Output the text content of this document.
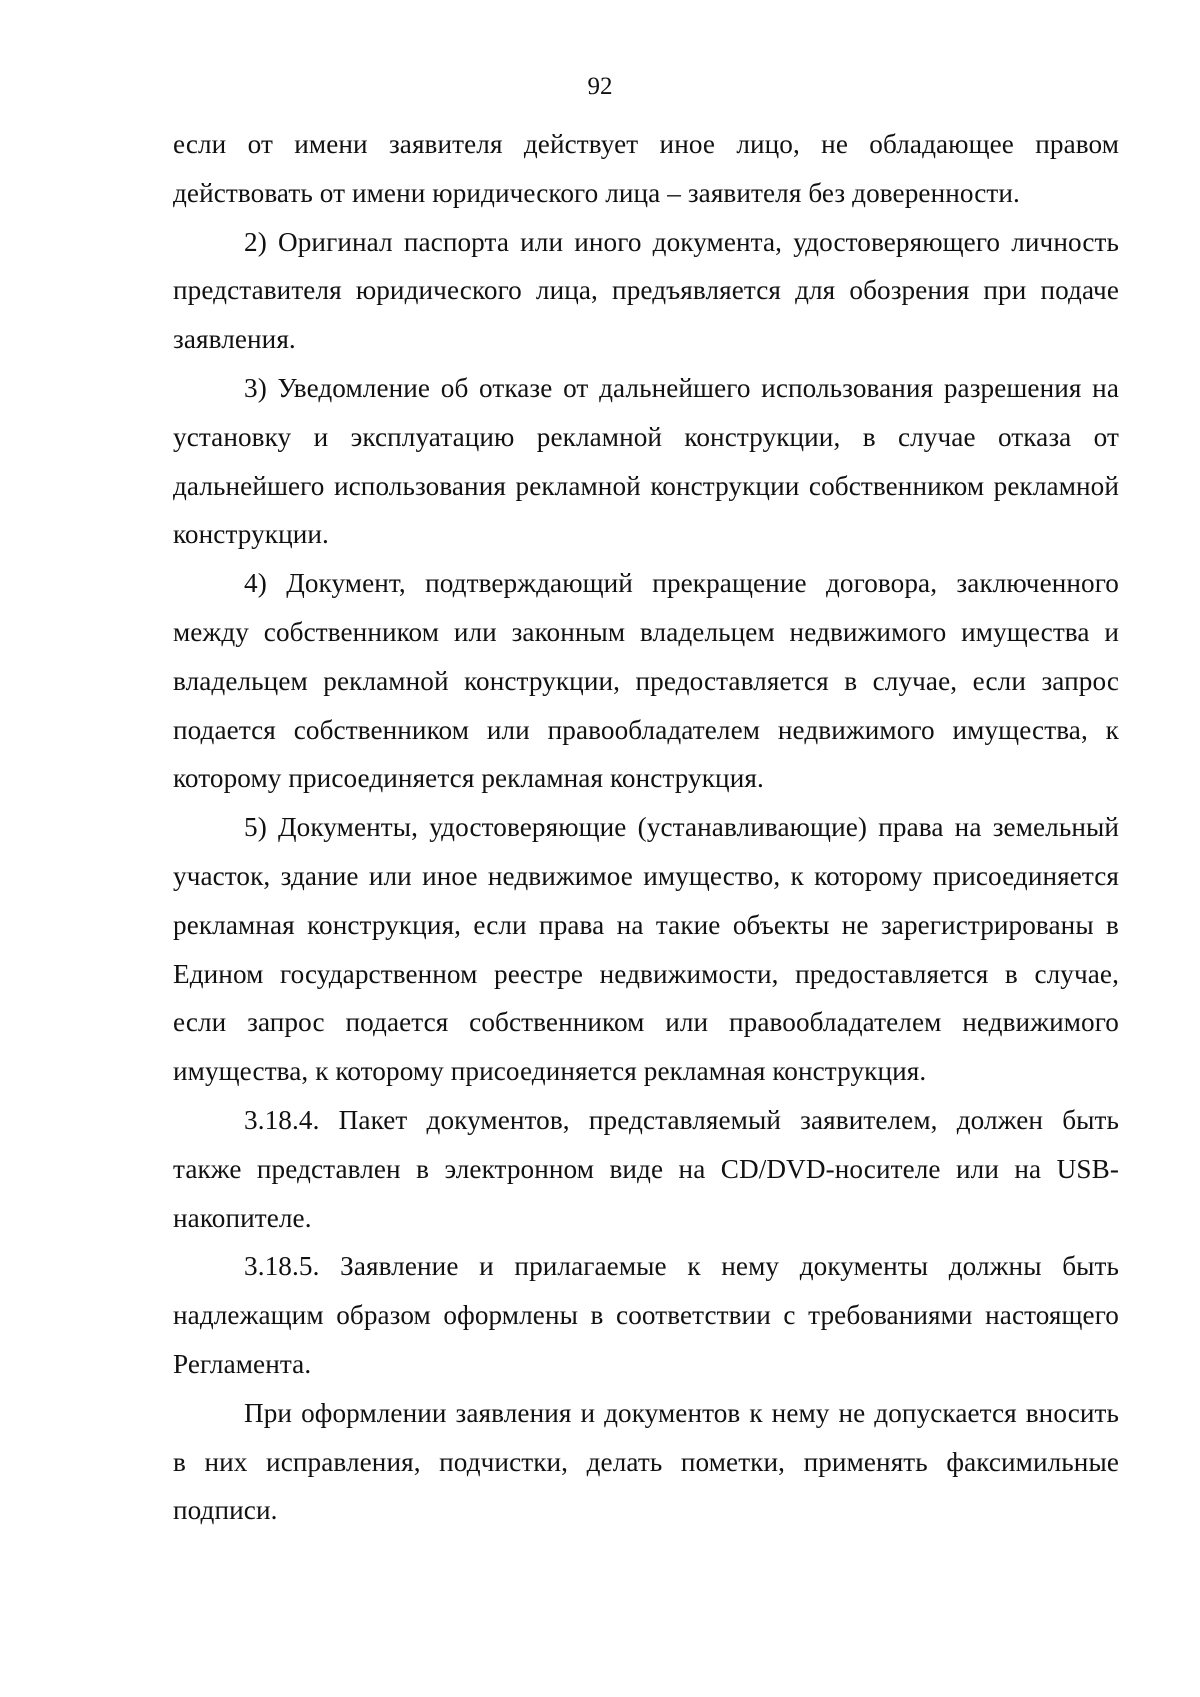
92

если от имени заявителя действует иное лицо, не обладающее правом действовать от имени юридического лица – заявителя без доверенности.

2) Оригинал паспорта или иного документа, удостоверяющего личность представителя юридического лица, предъявляется для обозрения при подаче заявления.

3) Уведомление об отказе от дальнейшего использования разрешения на установку и эксплуатацию рекламной конструкции, в случае отказа от дальнейшего использования рекламной конструкции собственником рекламной конструкции.

4) Документ, подтверждающий прекращение договора, заключенного между собственником или законным владельцем недвижимого имущества и владельцем рекламной конструкции, предоставляется в случае, если запрос подается собственником или правообладателем недвижимого имущества, к которому присоединяется рекламная конструкция.

5) Документы, удостоверяющие (устанавливающие) права на земельный участок, здание или иное недвижимое имущество, к которому присоединяется рекламная конструкция, если права на такие объекты не зарегистрированы в Едином государственном реестре недвижимости, предоставляется в случае, если запрос подается собственником или правообладателем недвижимого имущества, к которому присоединяется рекламная конструкция.

3.18.4. Пакет документов, представляемый заявителем, должен быть также представлен в электронном виде на CD/DVD-носителе или на USB-накопителе.

3.18.5. Заявление и прилагаемые к нему документы должны быть надлежащим образом оформлены в соответствии с требованиями настоящего Регламента.

При оформлении заявления и документов к нему не допускается вносить в них исправления, подчистки, делать пометки, применять факсимильные подписи.
